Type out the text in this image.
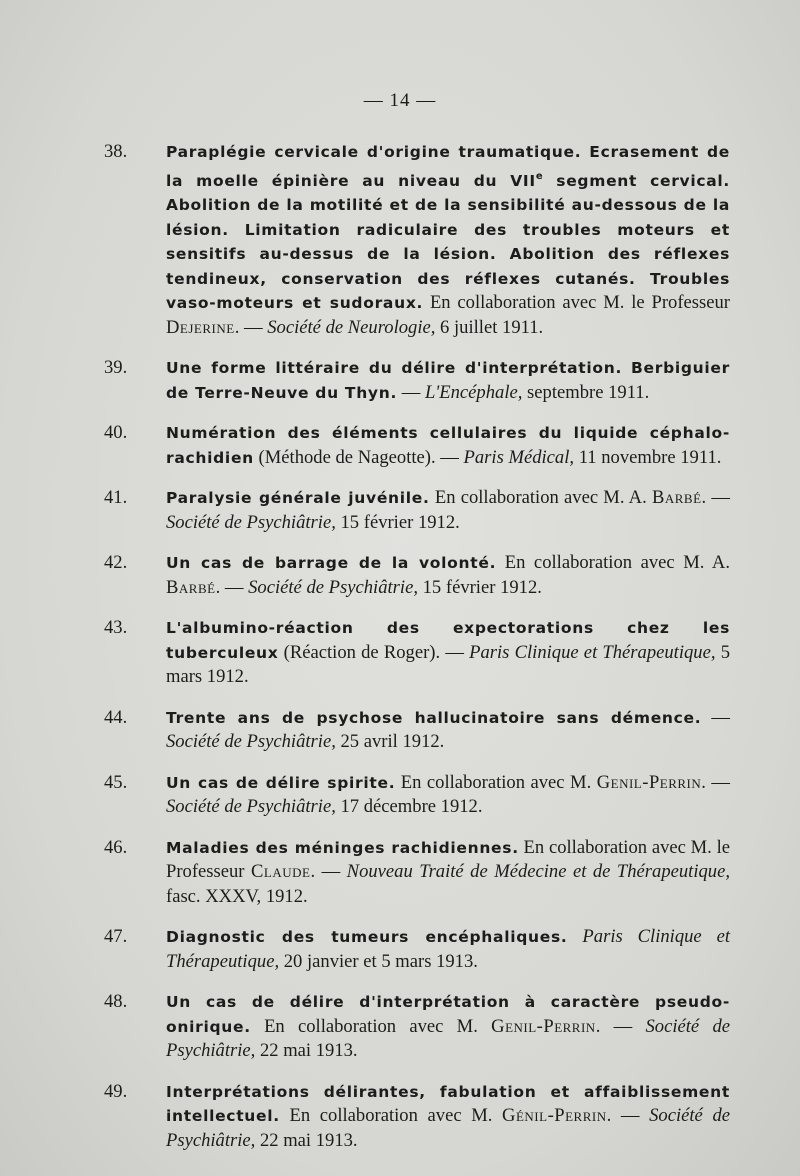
— 14 —
38.	Paraplégie cervicale d'origine traumatique. Ecrasement de la moelle épinière au niveau du VIIe segment cervical. Abolition de la motilité et de la sensibilité au-dessous de la lésion. Limitation radiculaire des troubles moteurs et sensitifs au-dessus de la lésion. Abolition des réflexes tendineux, conservation des réflexes cutanés. Troubles vaso-moteurs et sudoraux. En collaboration avec M. le Professeur Dejerine. — Société de Neurologie, 6 juillet 1911.
39.	Une forme littéraire du délire d'interprétation. Berbiguier de Terre-Neuve du Thyn. — L'Encéphale, septembre 1911.
40.	Numération des éléments cellulaires du liquide céphalo-rachidien (Méthode de Nageotte). — Paris Médical, 11 novembre 1911.
41.	Paralysie générale juvénile. En collaboration avec M. A. Barbé. — Société de Psychiâtrie, 15 février 1912.
42.	Un cas de barrage de la volonté. En collaboration avec M. A. Barbé. — Société de Psychiâtrie, 15 février 1912.
43.	L'albumino-réaction des expectorations chez les tuberculeux (Réaction de Roger). — Paris Clinique et Thérapeutique, 5 mars 1912.
44.	Trente ans de psychose hallucinatoire sans démence. — Société de Psychiâtrie, 25 avril 1912.
45.	Un cas de délire spirite. En collaboration avec M. Genil-Perrin. — Société de Psychiâtrie, 17 décembre 1912.
46.	Maladies des méninges rachidiennes. En collaboration avec M. le Professeur Claude. — Nouveau Traité de Médecine et de Thérapeutique, fasc. XXXV, 1912.
47.	Diagnostic des tumeurs encéphaliques. Paris Clinique et Thérapeutique, 20 janvier et 5 mars 1913.
48.	Un cas de délire d'interprétation à caractère pseudo-onirique. En collaboration avec M. Genil-Perrin. — Société de Psychiâtrie, 22 mai 1913.
49.	Interprétations délirantes, fabulation et affaiblissement intellectuel. En collaboration avec M. Génil-Perrin. — Société de Psychiâtrie, 22 mai 1913.
